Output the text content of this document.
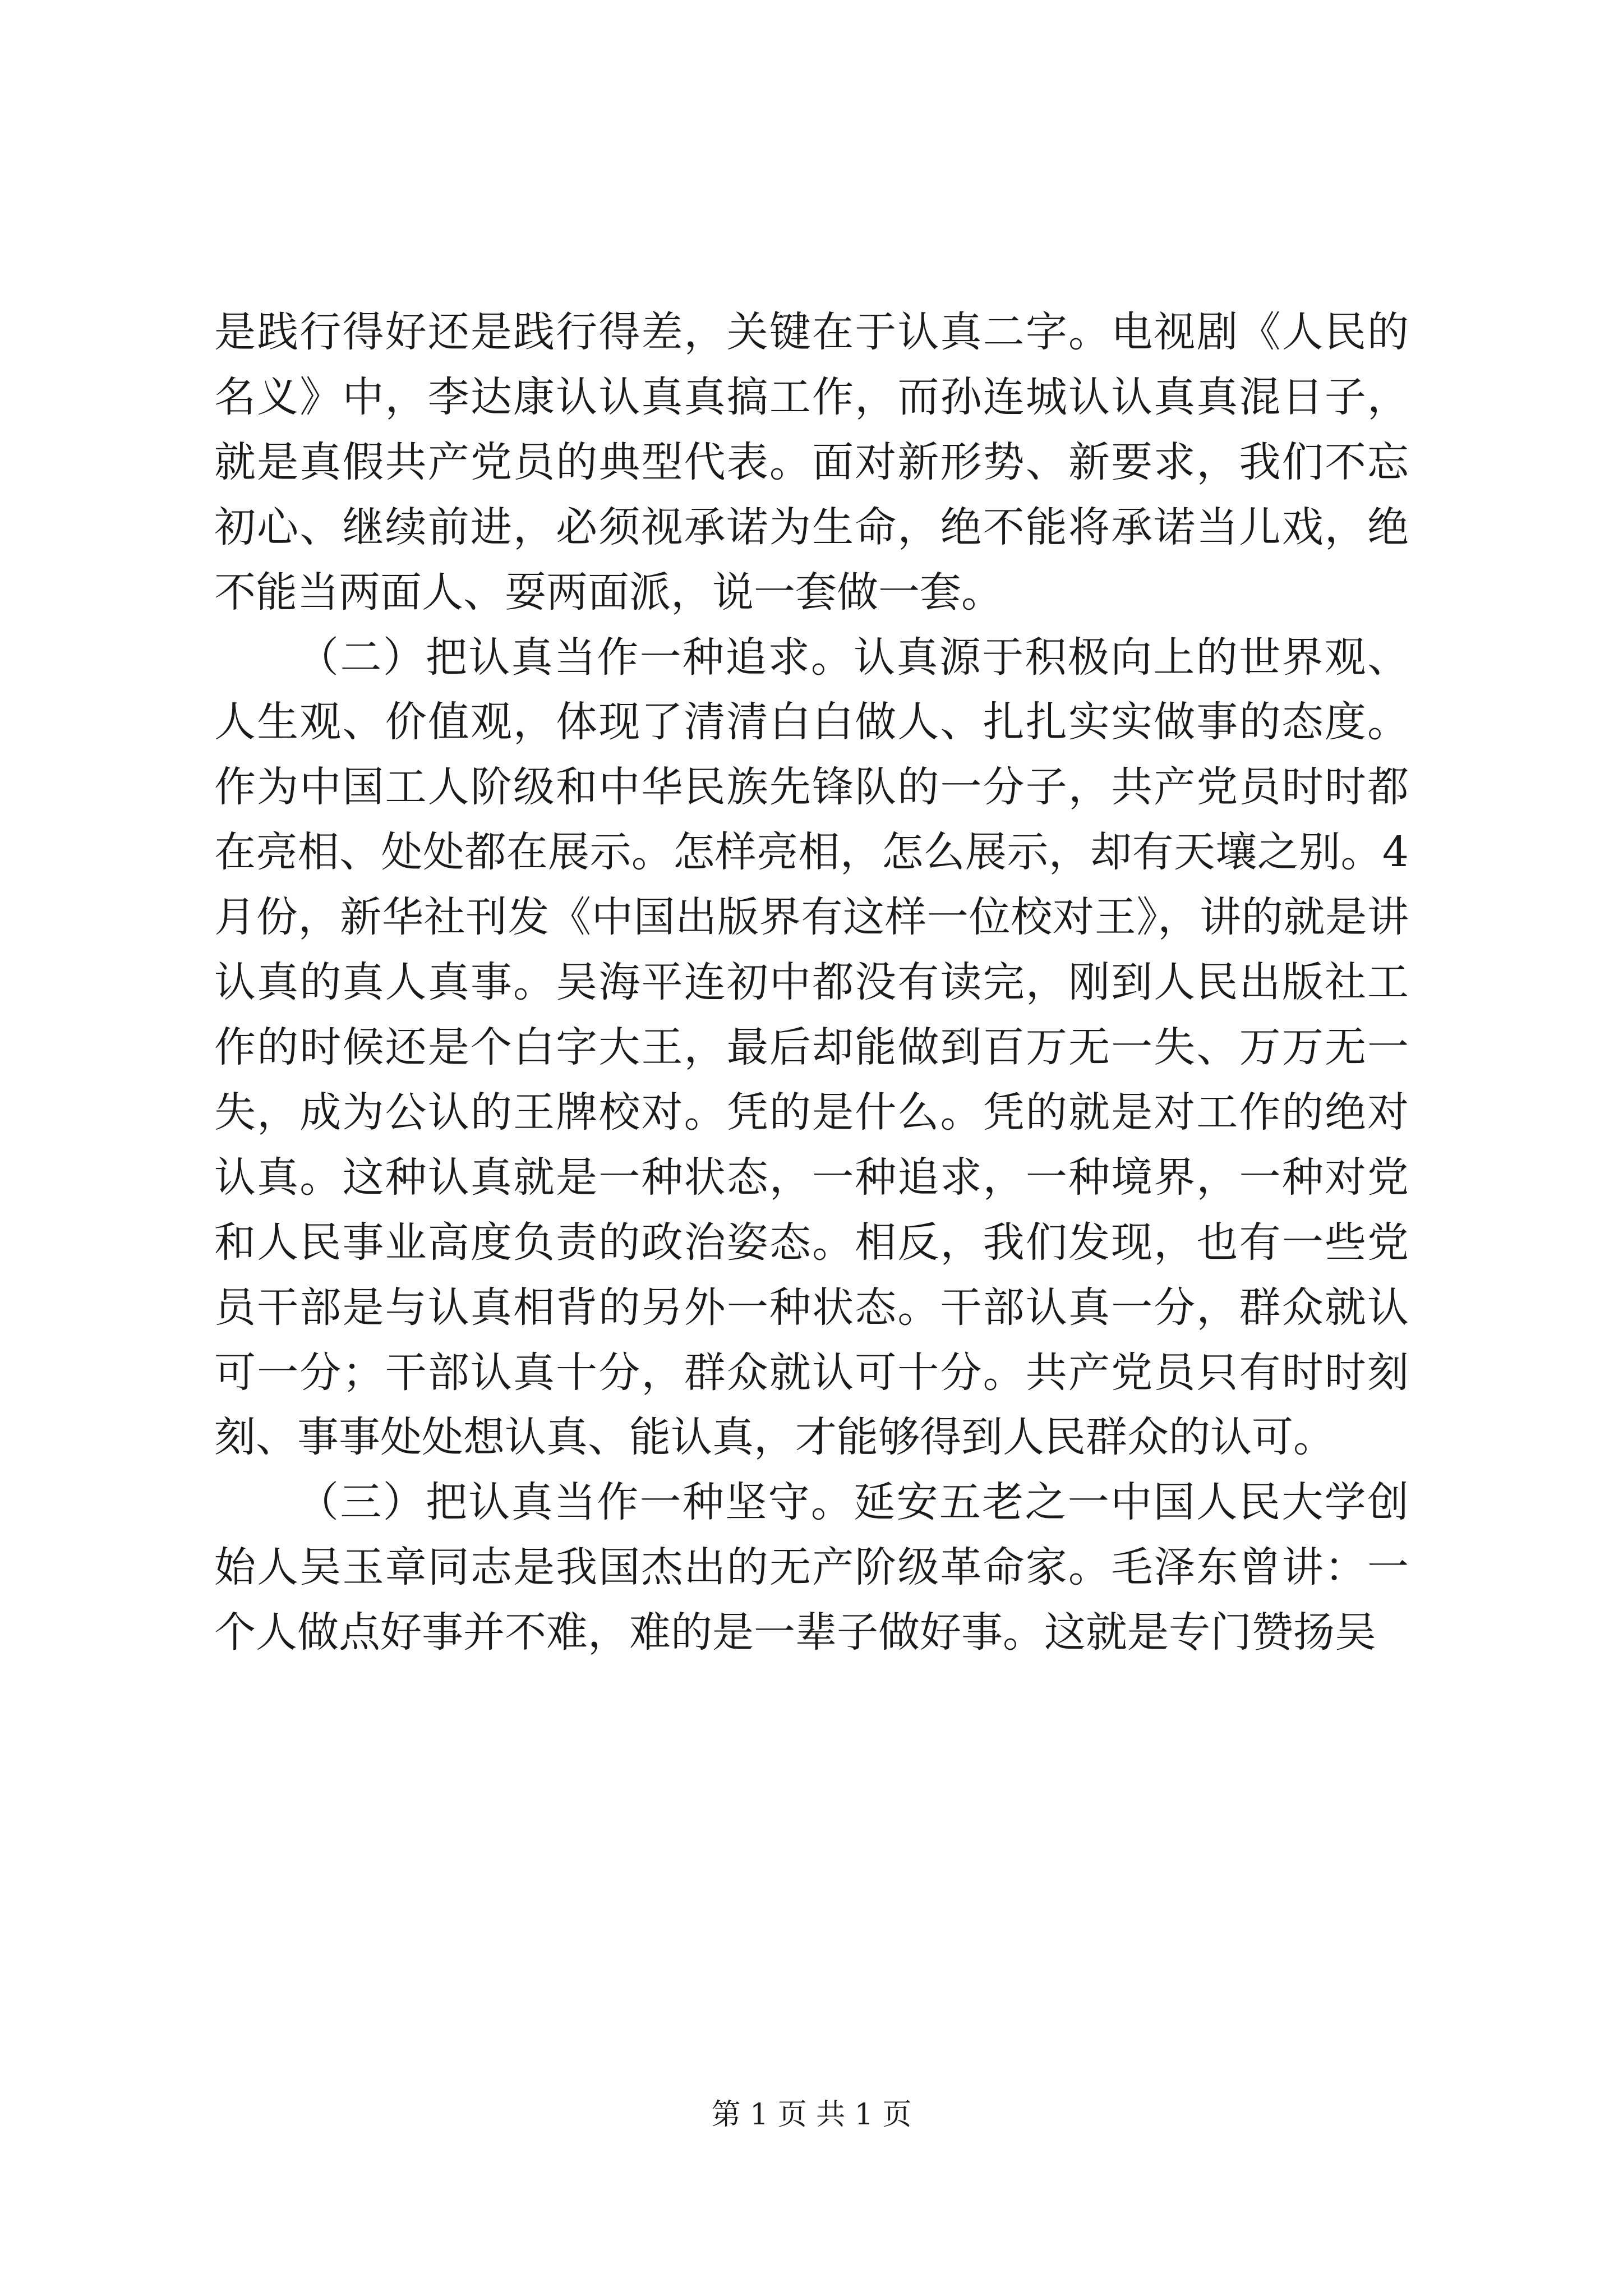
是践行得好还是践行得差，关键在于认真二字。电视剧《人民的名义》中，李达康认认真真搞工作，而孙连城认认真真混日子，就是真假共产党员的典型代表。面对新形势、新要求，我们不忘初心、继续前进，必须视承诺为生命，绝不能将承诺当儿戏，绝不能当两面人、耍两面派，说一套做一套。

（二）把认真当作一种追求。认真源于积极向上的世界观、人生观、价值观，体现了清清白白做人、扎扎实实做事的态度。作为中国工人阶级和中华民族先锋队的一分子，共产党员时时都在亮相、处处都在展示。怎样亮相，怎么展示，却有天壤之别。4月份，新华社刊发《中国出版界有这样一位校对王》，讲的就是讲认真的真人真事。吴海平连初中都没有读完，刚到人民出版社工作的时候还是个白字大王，最后却能做到百万无一失、万万无一失，成为公认的王牌校对。凭的是什么。凭的就是对工作的绝对认真。这种认真就是一种状态，一种追求，一种境界，一种对党和人民事业高度负责的政治姿态。相反，我们发现，也有一些党员干部是与认真相背的另外一种状态。干部认真一分，群众就认可一分；干部认真十分，群众就认可十分。共产党员只有时时刻刻、事事处处想认真、能认真，才能够得到人民群众的认可。

（三）把认真当作一种坚守。延安五老之一中国人民大学创始人吴玉章同志是我国杰出的无产阶级革命家。毛泽东曾讲：一个人做点好事并不难，难的是一辈子做好事。这就是专门赞扬吴

第 1 页 共 1 页
